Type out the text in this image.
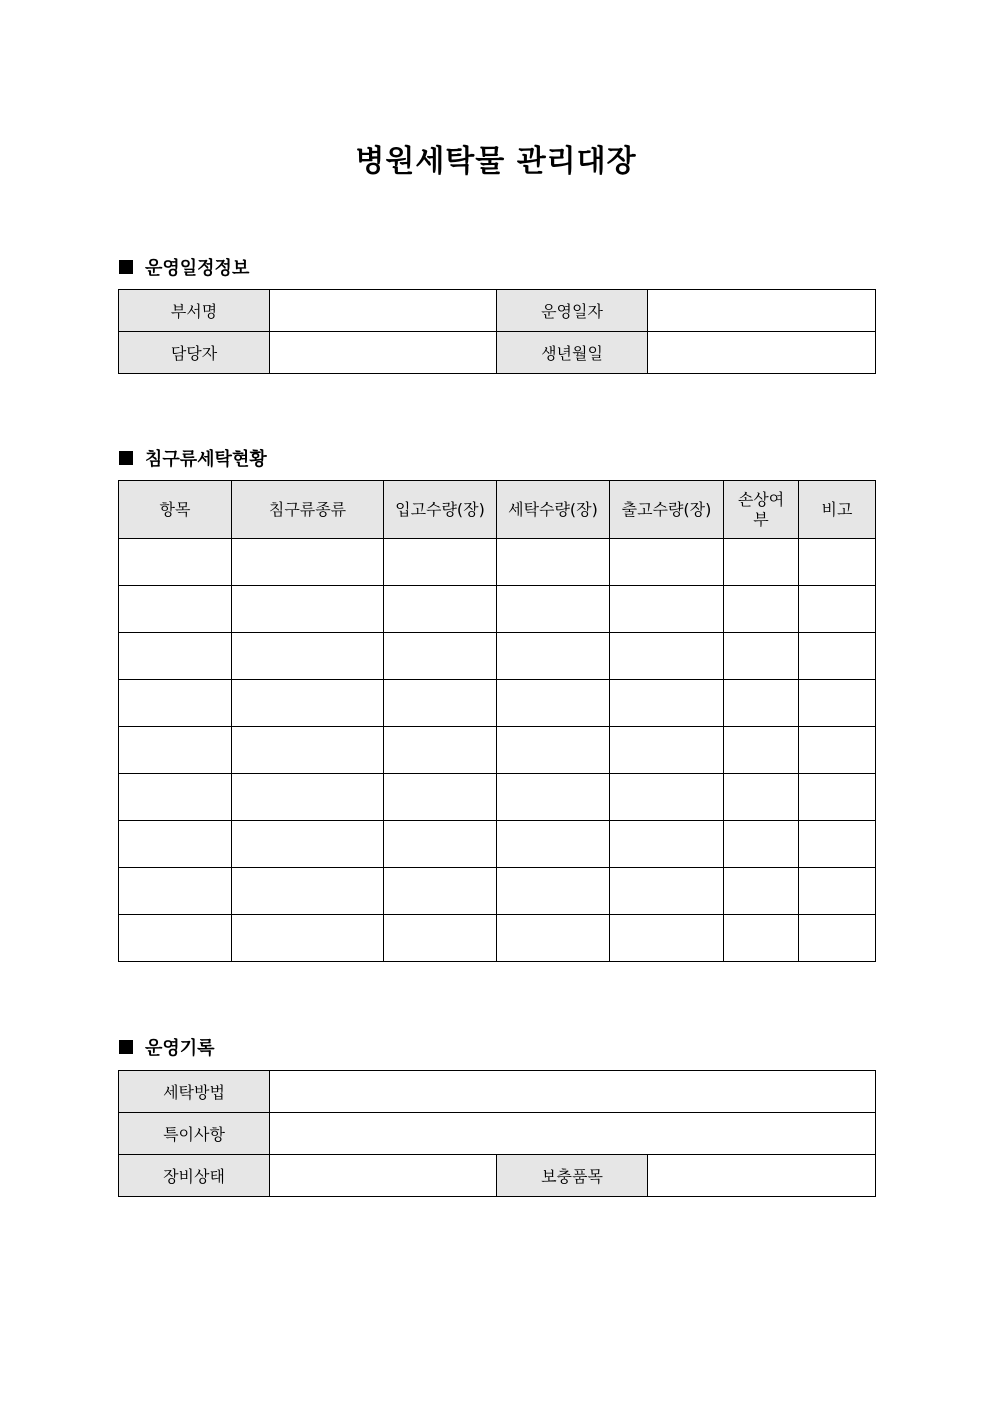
병원세탁물 관리대장
운영일정정보
부서명		운영일자	
담당자		생년월일	
침구류세탁현황
항목	침구류종류	입고수량(장)	세탁수량(장)	출고수량(장)	손상여부	비고

운영기록
세탁방법			
특이사항			
장비상태		보충품목	
